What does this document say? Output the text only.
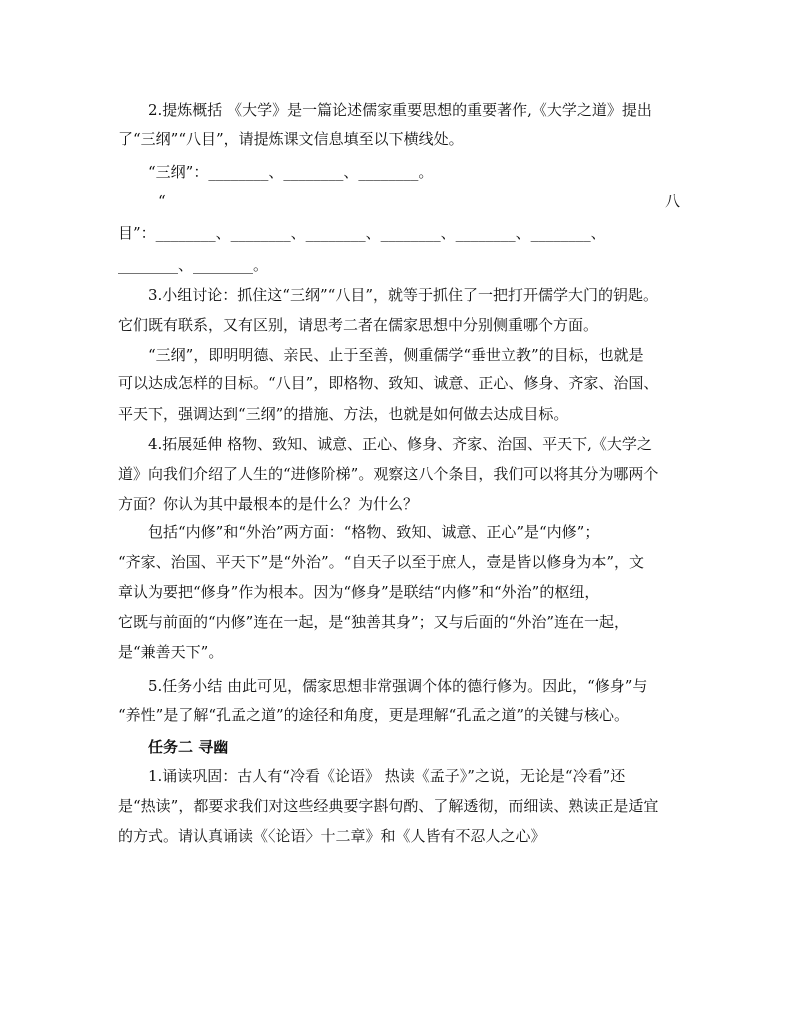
2.提炼概括 《大学》是一篇论述儒家重要思想的重要著作,《大学之道》提出
了“三纲”“八目”，请提炼课文信息填至以下横线处。
“三纲”：________、________、________。
“	八
目”：________、________、________、________、________、________、
________、________。
3.小组讨论：抓住这“三纲”“八目”，就等于抓住了一把打开儒学大门的钥匙。
它们既有联系，又有区别，请思考二者在儒家思想中分别侧重哪个方面。
“三纲”，即明明德、亲民、止于至善，侧重儒学“垂世立教”的目标，也就是
可以达成怎样的目标。“八目”，即格物、致知、诚意、正心、修身、齐家、治国、
平天下，强调达到“三纲”的措施、方法，也就是如何做去达成目标。
4.拓展延伸 格物、致知、诚意、正心、修身、齐家、治国、平天下,《大学之
道》向我们介绍了人生的“进修阶梯”。观察这八个条目，我们可以将其分为哪两个
方面？你认为其中最根本的是什么？为什么？
包括“内修”和“外治”两方面：“格物、致知、诚意、正心”是“内修”；
“齐家、治国、平天下”是“外治”。“自天子以至于庶人，壹是皆以修身为本”，文
章认为要把“修身”作为根本。因为“修身”是联结“内修”和“外治”的枢纽，
它既与前面的“内修”连在一起，是“独善其身”；又与后面的“外治”连在一起，
是“兼善天下”。
5.任务小结 由此可见，儒家思想非常强调个体的德行修为。因此，“修身”与
“养性”是了解“孔孟之道”的途径和角度，更是理解“孔孟之道”的关键与核心。
任务二 寻幽
1.诵读巩固：古人有“冷看《论语》 热读《孟子》”之说，无论是“冷看”还
是“热读”，都要求我们对这些经典要字斟句酌、了解透彻，而细读、熟读正是适宜
的方式。请认真诵读《〈论语〉十二章》和《人皆有不忍人之心》
